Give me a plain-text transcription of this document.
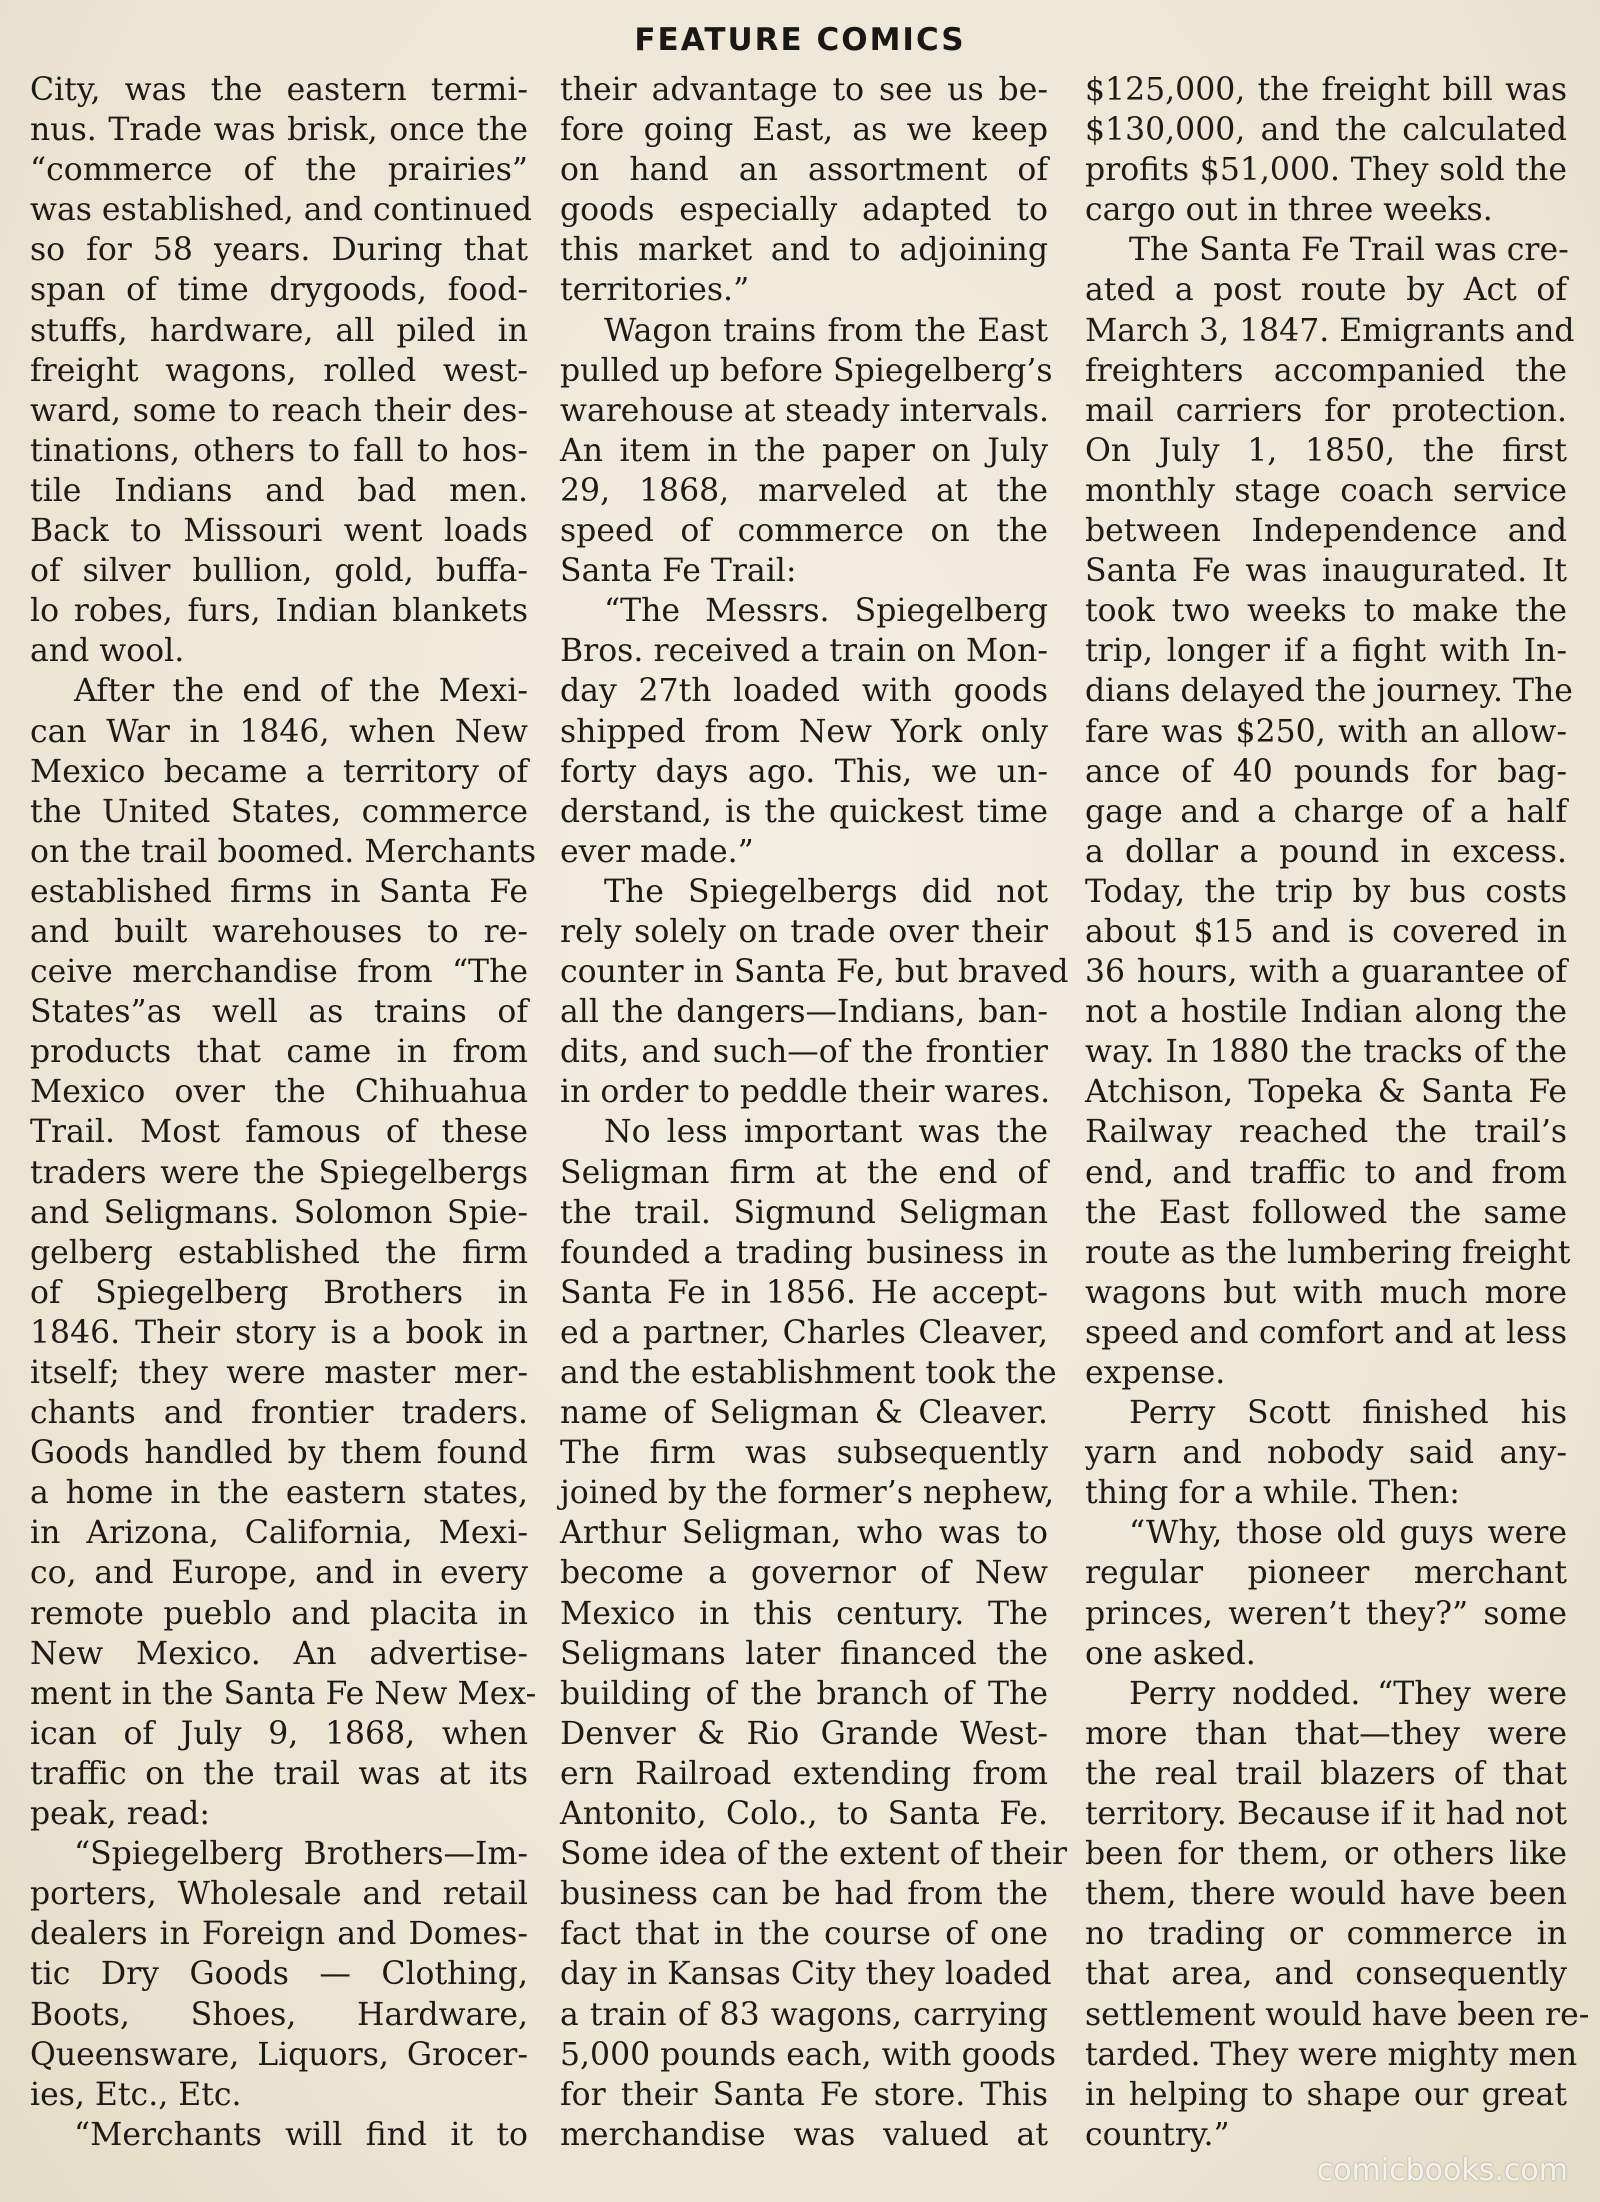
FEATURE COMICS
City, was the eastern termi-
nus. Trade was brisk, once the
“commerce of the prairies”
was established, and continued
so for 58 years. During that
span of time drygoods, food-
stuffs, hardware, all piled in
freight wagons, rolled west-
ward, some to reach their des-
tinations, others to fall to hos-
tile Indians and bad men.
Back to Missouri went loads
of silver bullion, gold, buffa-
lo robes, furs, Indian blankets
and wool.
After the end of the Mexi-
can War in 1846, when New
Mexico became a territory of
the United States, commerce
on the trail boomed. Merchants
established firms in Santa Fe
and built warehouses to re-
ceive merchandise from “The
States”as well as trains of
products that came in from
Mexico over the Chihuahua
Trail. Most famous of these
traders were the Spiegelbergs
and Seligmans. Solomon Spie-
gelberg established the firm
of Spiegelberg Brothers in
1846. Their story is a book in
itself; they were master mer-
chants and frontier traders.
Goods handled by them found
a home in the eastern states,
in Arizona, California, Mexi-
co, and Europe, and in every
remote pueblo and placita in
New Mexico. An advertise-
ment in the Santa Fe New Mex-
ican of July 9, 1868, when
traffic on the trail was at its
peak, read:
“Spiegelberg Brothers—Im-
porters, Wholesale and retail
dealers in Foreign and Domes-
tic Dry Goods — Clothing,
Boots, Shoes, Hardware,
Queensware, Liquors, Grocer-
ies, Etc., Etc.
“Merchants will find it to
their advantage to see us be-
fore going East, as we keep
on hand an assortment of
goods especially adapted to
this market and to adjoining
territories.”
Wagon trains from the East
pulled up before Spiegelberg’s
warehouse at steady intervals.
An item in the paper on July
29, 1868, marveled at the
speed of commerce on the
Santa Fe Trail:
“The Messrs. Spiegelberg
Bros. received a train on Mon-
day 27th loaded with goods
shipped from New York only
forty days ago. This, we un-
derstand, is the quickest time
ever made.”
The Spiegelbergs did not
rely solely on trade over their
counter in Santa Fe, but braved
all the dangers—Indians, ban-
dits, and such—of the frontier
in order to peddle their wares.
No less important was the
Seligman firm at the end of
the trail. Sigmund Seligman
founded a trading business in
Santa Fe in 1856. He accept-
ed a partner, Charles Cleaver,
and the establishment took the
name of Seligman & Cleaver.
The firm was subsequently
joined by the former’s nephew,
Arthur Seligman, who was to
become a governor of New
Mexico in this century. The
Seligmans later financed the
building of the branch of The
Denver & Rio Grande West-
ern Railroad extending from
Antonito, Colo., to Santa Fe.
Some idea of the extent of their
business can be had from the
fact that in the course of one
day in Kansas City they loaded
a train of 83 wagons, carrying
5,000 pounds each, with goods
for their Santa Fe store. This
merchandise was valued at
$125,000, the freight bill was
$130,000, and the calculated
profits $51,000. They sold the
cargo out in three weeks.
The Santa Fe Trail was cre-
ated a post route by Act of
March 3, 1847. Emigrants and
freighters accompanied the
mail carriers for protection.
On July 1, 1850, the first
monthly stage coach service
between Independence and
Santa Fe was inaugurated. It
took two weeks to make the
trip, longer if a fight with In-
dians delayed the journey. The
fare was $250, with an allow-
ance of 40 pounds for bag-
gage and a charge of a half
a dollar a pound in excess.
Today, the trip by bus costs
about $15 and is covered in
36 hours, with a guarantee of
not a hostile Indian along the
way. In 1880 the tracks of the
Atchison, Topeka & Santa Fe
Railway reached the trail’s
end, and traffic to and from
the East followed the same
route as the lumbering freight
wagons but with much more
speed and comfort and at less
expense.
Perry Scott finished his
yarn and nobody said any-
thing for a while. Then:
“Why, those old guys were
regular pioneer merchant
princes, weren’t they?” some
one asked.
Perry nodded. “They were
more than that—they were
the real trail blazers of that
territory. Because if it had not
been for them, or others like
them, there would have been
no trading or commerce in
that area, and consequently
settlement would have been re-
tarded. They were mighty men
in helping to shape our great
country.”
comicbooks.com
